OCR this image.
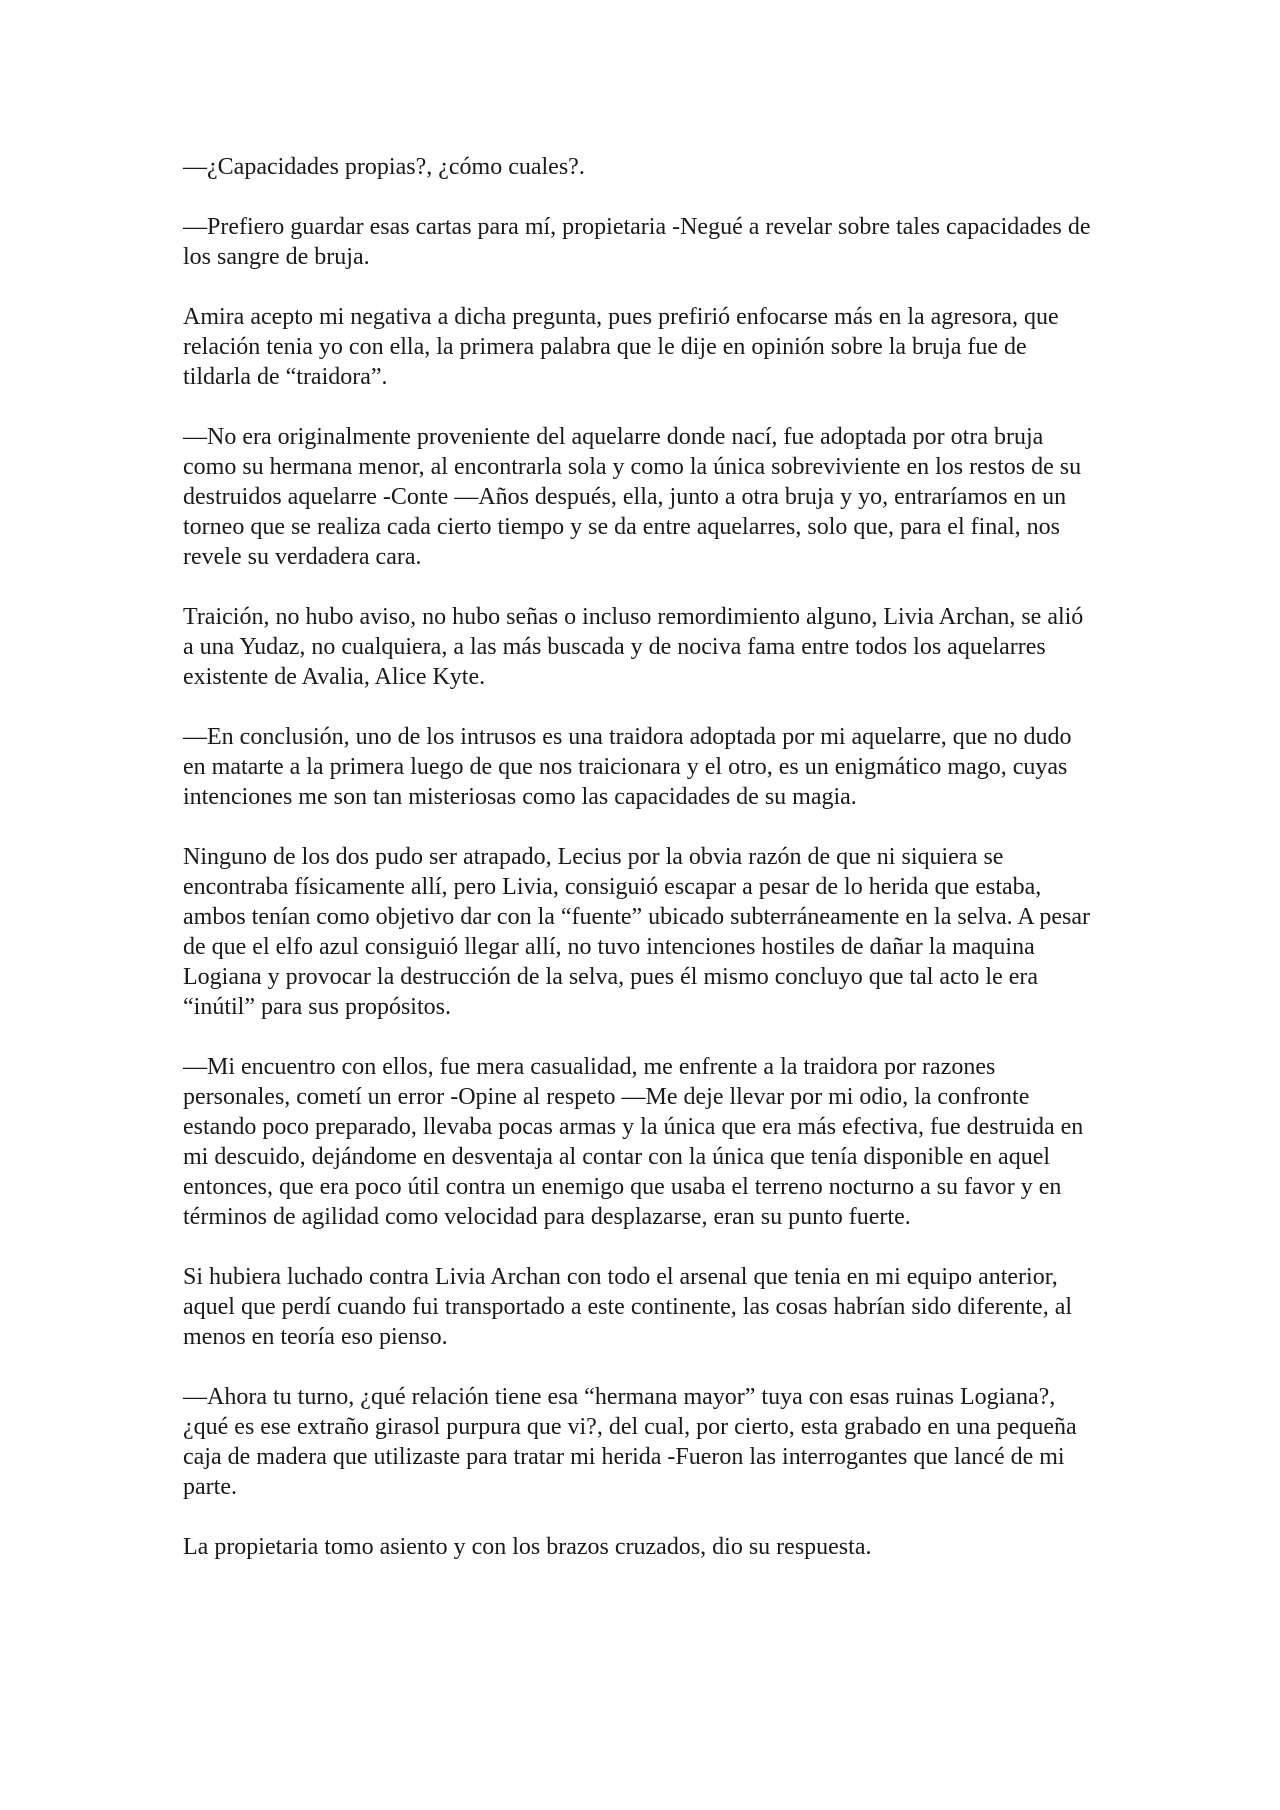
—¿Capacidades propias?, ¿cómo cuales?.

—Prefiero guardar esas cartas para mí, propietaria -Negué a revelar sobre tales capacidades de los sangre de bruja.

Amira acepto mi negativa a dicha pregunta, pues prefirió enfocarse más en la agresora, que relación tenia yo con ella, la primera palabra que le dije en opinión sobre la bruja fue de tildarla de “traidora”.

—No era originalmente proveniente del aquelarre donde nací, fue adoptada por otra bruja como su hermana menor, al encontrarla sola y como la única sobreviviente en los restos de su destruidos aquelarre -Conte —Años después, ella, junto a otra bruja y yo, entraríamos en un torneo que se realiza cada cierto tiempo y se da entre aquelarres, solo que, para el final, nos revele su verdadera cara.

Traición, no hubo aviso, no hubo señas o incluso remordimiento alguno, Livia Archan, se alió a una Yudaz, no cualquiera, a las más buscada y de nociva fama entre todos los aquelarres existente de Avalia, Alice Kyte.

—En conclusión, uno de los intrusos es una traidora adoptada por mi aquelarre, que no dudo en matarte a la primera luego de que nos traicionara y el otro, es un enigmático mago, cuyas intenciones me son tan misteriosas como las capacidades de su magia.

Ninguno de los dos pudo ser atrapado, Lecius por la obvia razón de que ni siquiera se encontraba físicamente allí, pero Livia, consiguió escapar a pesar de lo herida que estaba, ambos tenían como objetivo dar con la “fuente” ubicado subterráneamente en la selva. A pesar de que el elfo azul consiguió llegar allí, no tuvo intenciones hostiles de dañar la maquina Logiana y provocar la destrucción de la selva, pues él mismo concluyo que tal acto le era “inútil” para sus propósitos.

—Mi encuentro con ellos, fue mera casualidad, me enfrente a la traidora por razones personales, cometí un error -Opine al respeto —Me deje llevar por mi odio, la confronte estando poco preparado, llevaba pocas armas y la única que era más efectiva, fue destruida en mi descuido, dejándome en desventaja al contar con la única que tenía disponible en aquel entonces, que era poco útil contra un enemigo que usaba el terreno nocturno a su favor y en términos de agilidad como velocidad para desplazarse, eran su punto fuerte.

Si hubiera luchado contra Livia Archan con todo el arsenal que tenia en mi equipo anterior, aquel que perdí cuando fui transportado a este continente, las cosas habrían sido diferente, al menos en teoría eso pienso.

—Ahora tu turno, ¿qué relación tiene esa “hermana mayor” tuya con esas ruinas Logiana?, ¿qué es ese extraño girasol purpura que vi?, del cual, por cierto, esta grabado en una pequeña caja de madera que utilizaste para tratar mi herida -Fueron las interrogantes que lancé de mi parte.

La propietaria tomo asiento y con los brazos cruzados, dio su respuesta.
